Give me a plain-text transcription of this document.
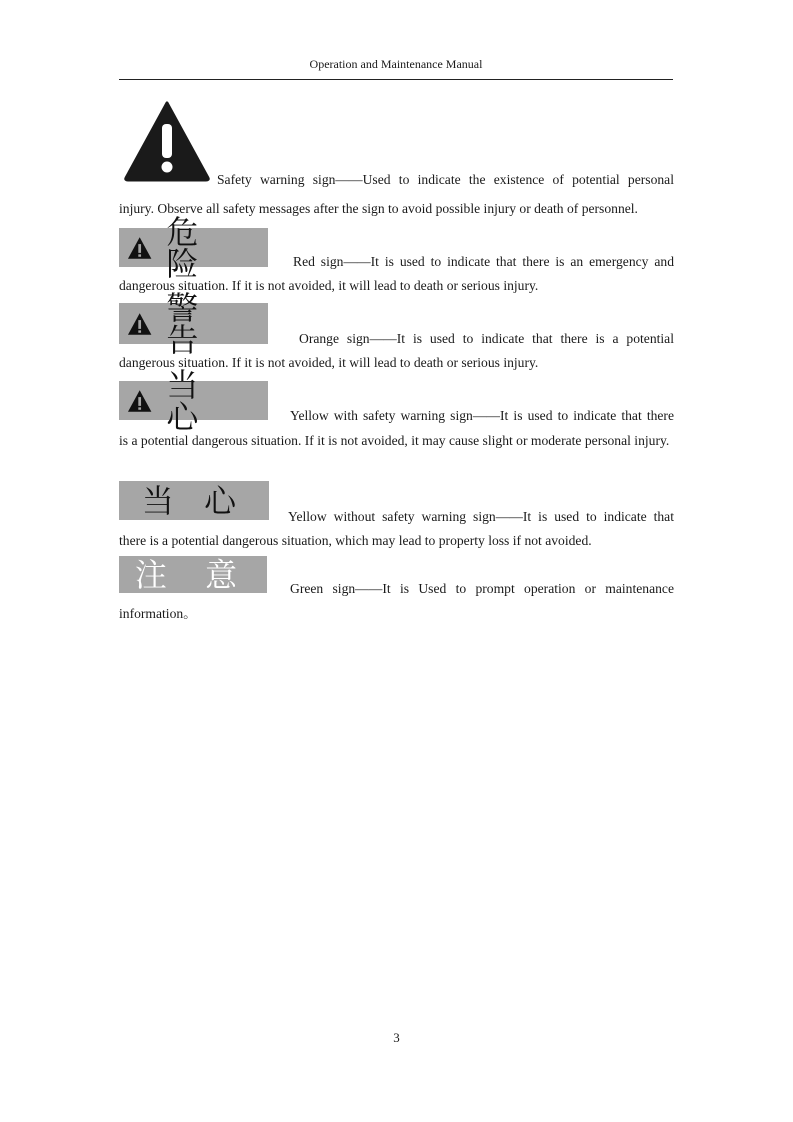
Operation and Maintenance Manual
Safety warning sign——Used to indicate the existence of potential personal
injury. Observe all safety messages after the sign to avoid possible injury or death of personnel.
危 险	Red sign——It is used to indicate that there is an emergency and
dangerous situation. If it is not avoided, it will lead to death or serious injury.
警 告	Orange sign——It is used to indicate that there is a potential
dangerous situation. If it is not avoided, it will lead to death or serious injury.
当 心	Yellow with safety warning sign——It is used to indicate that there
is a potential dangerous situation. If it is not avoided, it may cause slight or moderate personal injury.
当 心	Yellow without safety warning sign——It is used to indicate that
there is a potential dangerous situation, which may lead to property loss if not avoided.
注 意	Green sign——It is Used to prompt operation or maintenance
information。
3
